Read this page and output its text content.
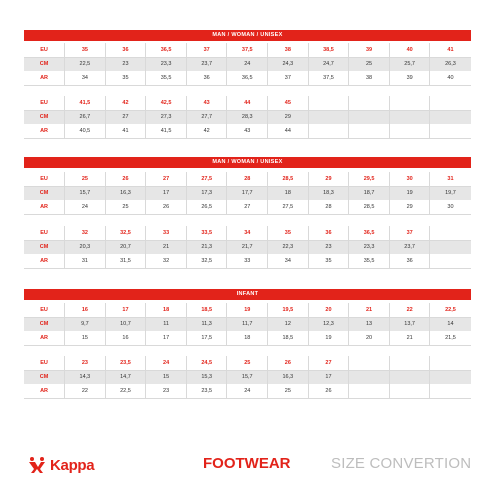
MAN / WOMAN / UNISEX
EU	35	36	36,5	37	37,5	38	38,5	39	40	41
CM	22,5	23	23,3	23,7	24	24,3	24,7	25	25,7	26,3
AR	34	35	35,5	36	36,5	37	37,5	38	39	40
EU	41,5	42	42,5	43	44	45				
CM	26,7	27	27,3	27,7	28,3	29				
AR	40,5	41	41,5	42	43	44				
MAN / WOMAN / UNISEX
EU	25	26	27	27,5	28	28,5	29	29,5	30	31
CM	15,7	16,3	17	17,3	17,7	18	18,3	18,7	19	19,7
AR	24	25	26	26,5	27	27,5	28	28,5	29	30
EU	32	32,5	33	33,5	34	35	36	36,5	37	
CM	20,3	20,7	21	21,3	21,7	22,3	23	23,3	23,7	
AR	31	31,5	32	32,5	33	34	35	35,5	36	
INFANT
EU	16	17	18	18,5	19	19,5	20	21	22	22,5
CM	9,7	10,7	11	11,3	11,7	12	12,3	13	13,7	14
AR	15	16	17	17,5	18	18,5	19	20	21	21,5
EU	23	23,5	24	24,5	25	26	27			
CM	14,3	14,7	15	15,3	15,7	16,3	17			
AR	22	22,5	23	23,5	24	25	26			
Kappa	FOOTWEAR	SIZE CONVERTION
